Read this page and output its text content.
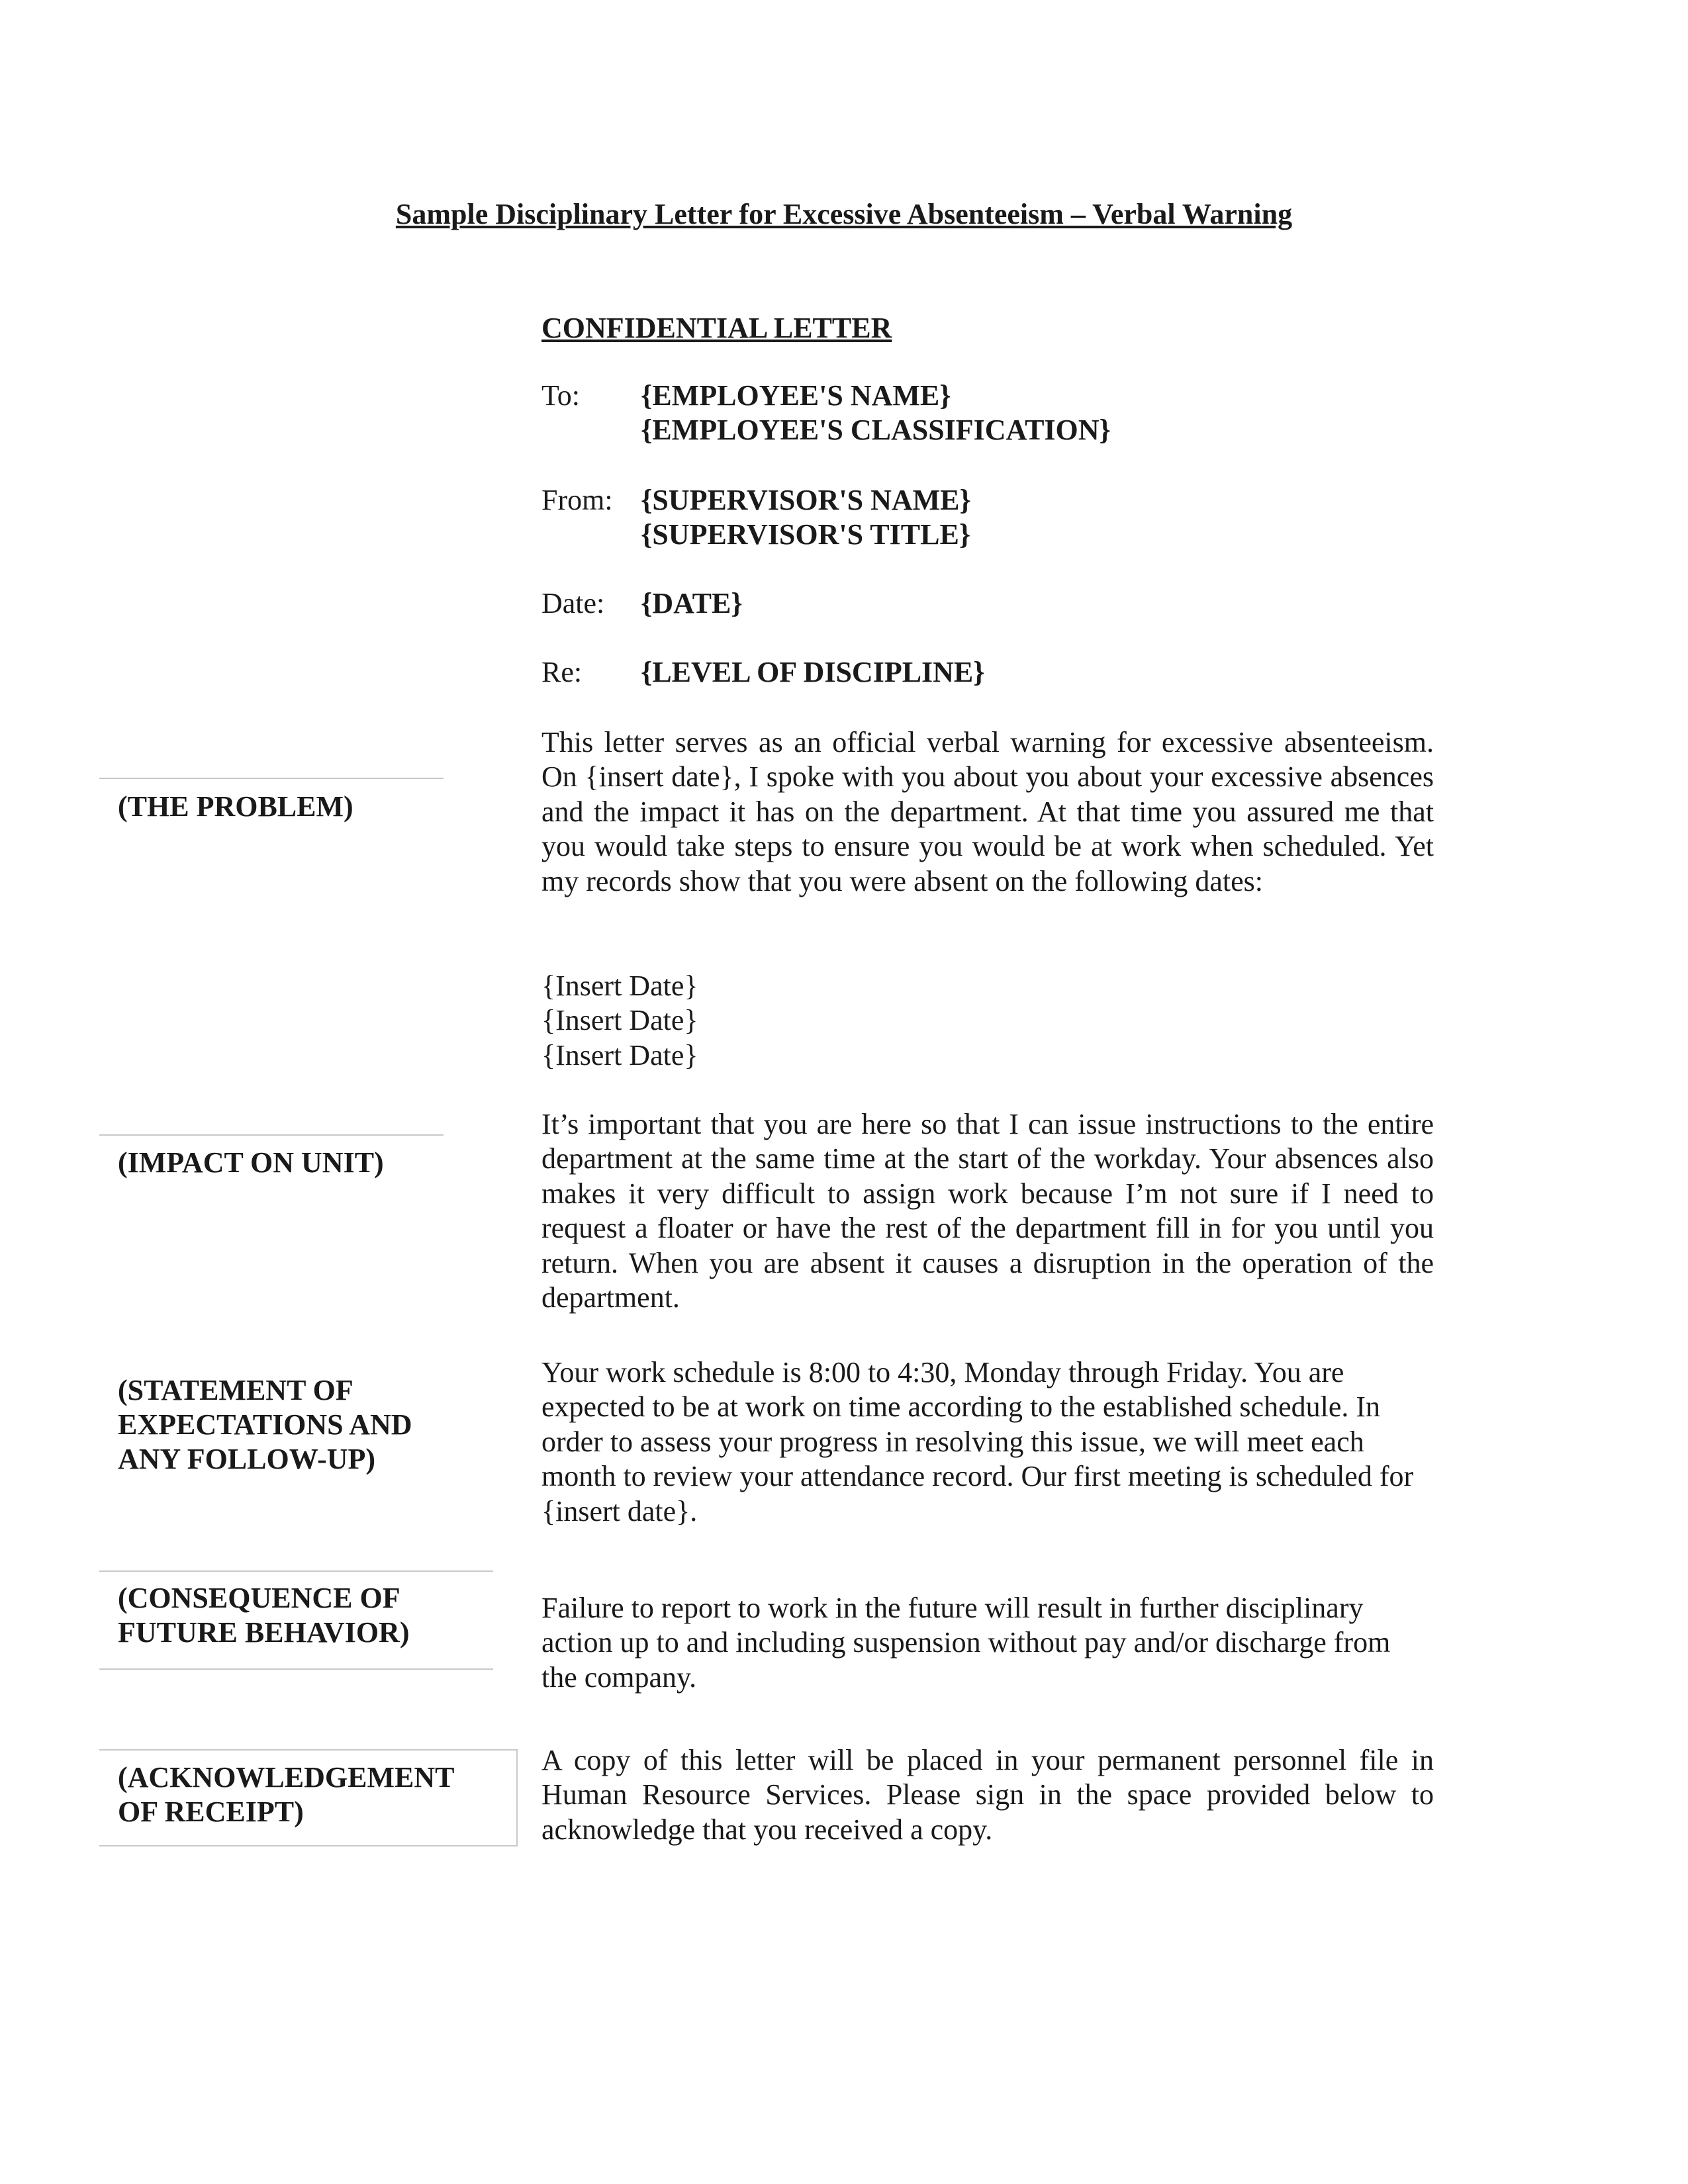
Sample Disciplinary Letter for Excessive Absenteeism – Verbal Warning
CONFIDENTIAL LETTER
To:	{EMPLOYEE'S NAME}
{EMPLOYEE'S CLASSIFICATION}
From: {SUPERVISOR'S NAME}
{SUPERVISOR'S TITLE}
Date:	{DATE}
Re:	{LEVEL OF DISCIPLINE}

(THE PROBLEM)

This letter serves as an official verbal warning for excessive absenteeism. On {insert date}, I spoke with you about you about your excessive absences and the impact it has on the department. At that time you assured me that you would take steps to ensure you would be at work when scheduled. Yet my records show that you were absent on the following dates:

{Insert Date}

{Insert Date}

{Insert Date}

(IMPACT ON UNIT)

It’s important that you are here so that I can issue instructions to the entire department at the same time at the start of the workday. Your absences also makes it very difficult to assign work because I’m not sure if I need to request a floater or have the rest of the department fill in for you until you return. When you are absent it causes a disruption in the operation of the department.

(STATEMENT OF

EXPECTATIONS AND

ANY FOLLOW-UP)

Your work schedule is 8:00 to 4:30, Monday through Friday. You are expected to be at work on time according to the established schedule. In order to assess your progress in resolving this issue, we will meet each month to review your attendance record. Our first meeting is scheduled for {insert date}.

(CONSEQUENCE OF

FUTURE BEHAVIOR)

Failure to report to work in the future will result in further disciplinary action up to and including suspension without pay and/or discharge from the company.

(ACKNOWLEDGEMENT

OF RECEIPT)

A copy of this letter will be placed in your permanent personnel file in Human Resource Services. Please sign in the space provided below to acknowledge that you received a copy.
